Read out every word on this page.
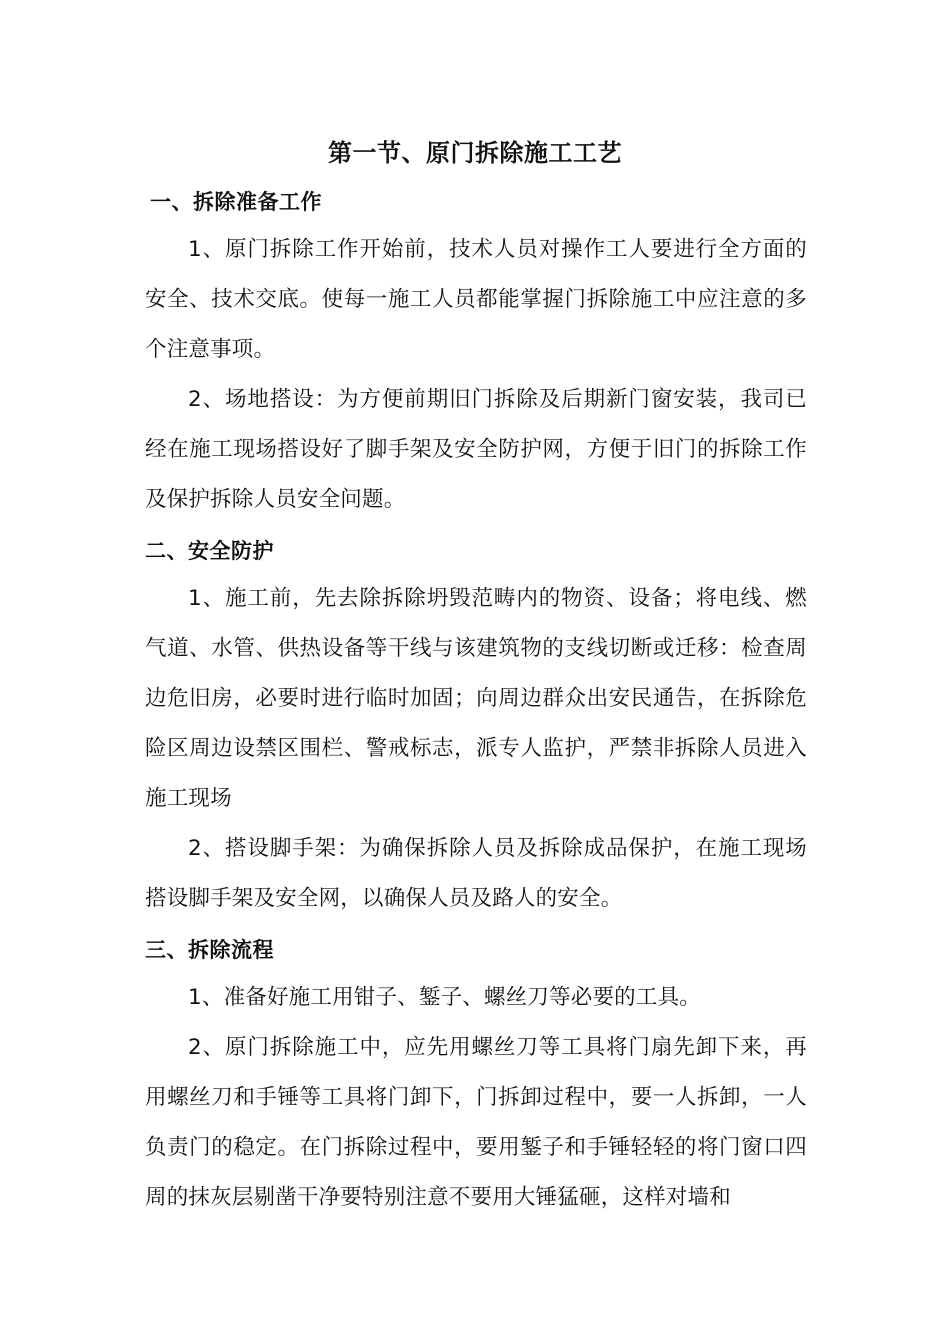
第一节、原门拆除施工工艺
一、拆除准备工作
1、原门拆除工作开始前，技术人员对操作工人要进行全方面的安全、技术交底。使每一施工人员都能掌握门拆除施工中应注意的多个注意事项。
2、场地搭设：为方便前期旧门拆除及后期新门窗安装，我司已经在施工现场搭设好了脚手架及安全防护网，方便于旧门的拆除工作及保护拆除人员安全问题。
二、安全防护
1、施工前，先去除拆除坍毁范畴内的物资、设备；将电线、燃气道、水管、供热设备等干线与该建筑物的支线切断或迁移：检查周边危旧房，必要时进行临时加固；向周边群众出安民通告，在拆除危险区周边设禁区围栏、警戒标志，派专人监护，严禁非拆除人员进入施工现场
2、搭设脚手架：为确保拆除人员及拆除成品保护，在施工现场搭设脚手架及安全网，以确保人员及路人的安全。
三、拆除流程
1、准备好施工用钳子、錾子、螺丝刀等必要的工具。
2、原门拆除施工中，应先用螺丝刀等工具将门扇先卸下来，再用螺丝刀和手锤等工具将门卸下，门拆卸过程中，要一人拆卸，一人负责门的稳定。在门拆除过程中，要用錾子和手锤轻轻的将门窗口四周的抹灰层剔凿干净要特别注意不要用大锤猛砸，这样对墙和
